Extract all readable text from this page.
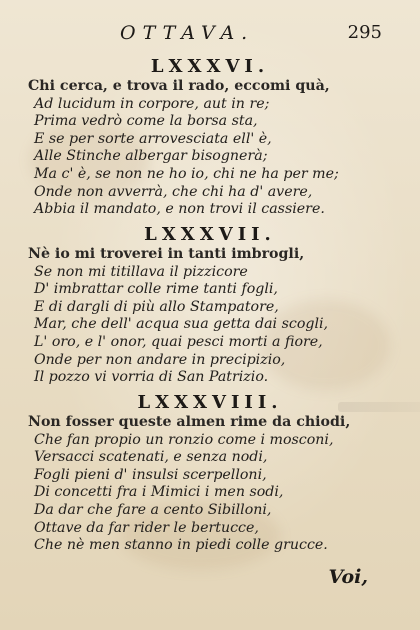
OTTAVA.	295
LXXXVI.
Chi cerca, e trova il rado, eccomi quà,
Ad lucidum in corpore, aut in re;
Prima vedrò come la borsa sta,
E se per sorte arrovesciata ell' è,
Alle Stinche albergar bisognerà;
Ma c' è, se non ne ho io, chi ne ha per me;
Onde non avverrà, che chi ha d' avere,
Abbia il mandato, e non trovi il cassiere.
LXXXVII.
Nè io mi troverei in tanti imbrogli,
Se non mi titillava il pizzicore
D' imbrattar colle rime tanti fogli,
E di dargli di più allo Stampatore,
Mar, che dell' acqua sua getta dai scogli,
L' oro, e l' onor, quai pesci morti a fiore,
Onde per non andare in precipizio,
Il pozzo vi vorria di San Patrizio.
LXXXVIII.
Non fosser queste almen rime da chiodi,
Che fan propio un ronzio come i mosconi,
Versacci scatenati, e senza nodi,
Fogli pieni d' insulsi scerpelloni,
Di concetti fra i Mimici i men sodi,
Da dar che fare a cento Sibilloni,
Ottave da far rider le bertucce,
Che nè men stanno in piedi colle grucce.
Voi,
